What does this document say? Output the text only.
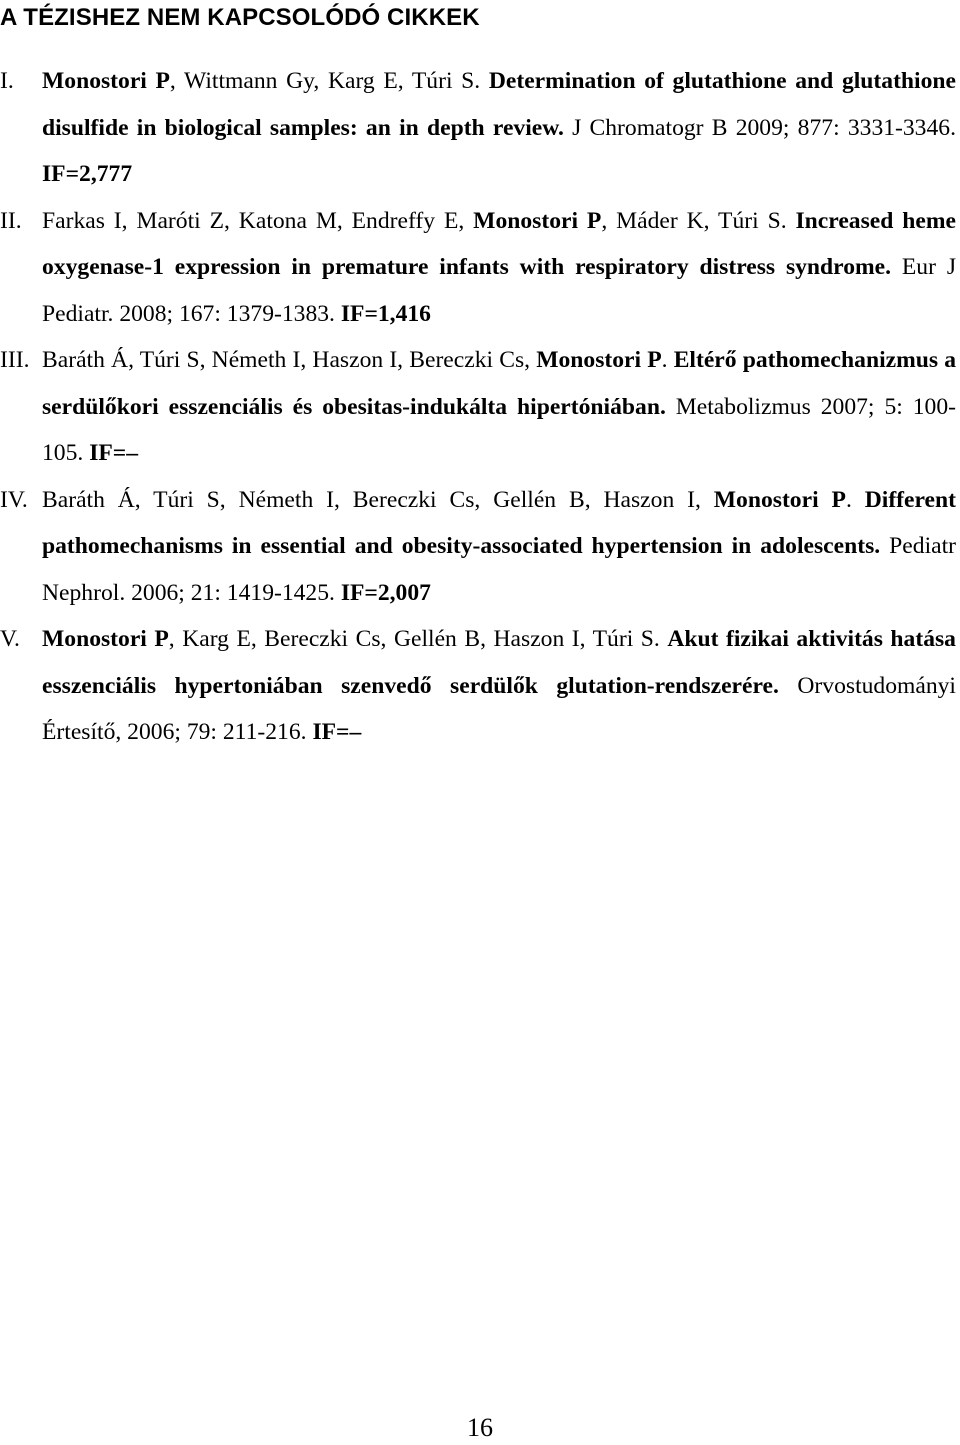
A TÉZISHEZ NEM KAPCSOLÓDÓ CIKKEK
I. Monostori P, Wittmann Gy, Karg E, Túri S. Determination of glutathione and glutathione disulfide in biological samples: an in depth review. J Chromatogr B 2009; 877: 3331-3346. IF=2,777
II. Farkas I, Maróti Z, Katona M, Endreffy E, Monostori P, Máder K, Túri S. Increased heme oxygenase-1 expression in premature infants with respiratory distress syndrome. Eur J Pediatr. 2008; 167: 1379-1383. IF=1,416
III. Baráth Á, Túri S, Németh I, Haszon I, Bereczki Cs, Monostori P. Eltérő pathomechanizmus a serdülőkori esszenciális és obesitas-indukálta hipertóniában. Metabolizmus 2007; 5: 100-105. IF=–
IV. Baráth Á, Túri S, Németh I, Bereczki Cs, Gellén B, Haszon I, Monostori P. Different pathomechanisms in essential and obesity-associated hypertension in adolescents. Pediatr Nephrol. 2006; 21: 1419-1425. IF=2,007
V. Monostori P, Karg E, Bereczki Cs, Gellén B, Haszon I, Túri S. Akut fizikai aktivitás hatása esszenciális hypertoniában szenvedő serdülők glutation-rendszerére. Orvostudományi Értesítő, 2006; 79: 211-216. IF=–
16
